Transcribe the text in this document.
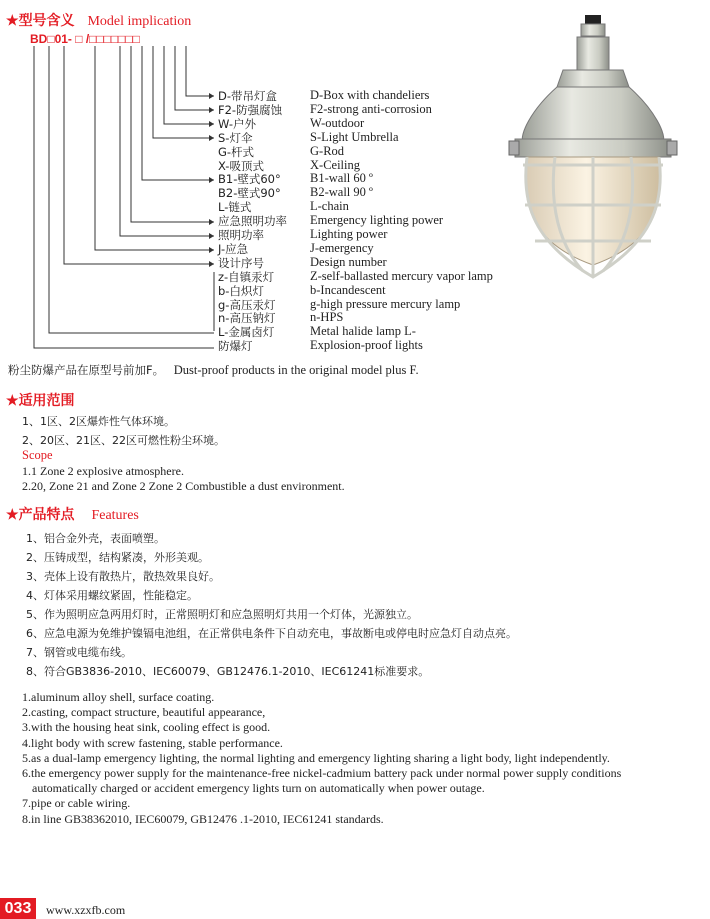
★型号含义 Model implication
BD□01- □ /□□□□□□□
D-带吊灯盒
F2-防强腐蚀
W-户外
S-灯伞
G-杆式
X-吸顶式
B1-壁式60°
B2-壁式90°
L-链式
应急照明功率
照明功率
J-应急
设计序号
z-自镇汞灯
b-白炽灯
g-高压汞灯
n-高压钠灯
L-金属卤灯
防爆灯
D-Box with chandeliers
F2-strong anti-corrosion
W-outdoor
S-Light Umbrella
G-Rod
X-Ceiling
B1-wall 60 º
B2-wall 90 º
L-chain
Emergency lighting power
Lighting power
J-emergency
Design number
Z-self-ballasted mercury vapor lamp
b-Incandescent
g-high pressure mercury lamp
n-HPS
Metal halide lamp L-
Explosion-proof lights
粉尘防爆产品在原型号前加F。 Dust-proof products in the original model plus F.
★适用范围
1、1区、2区爆炸性气体环境。
2、20区、21区、22区可燃性粉尘环境。
Scope
1.1 Zone 2 explosive atmosphere.
2.20, Zone 21 and Zone 2 Zone 2 Combustible a dust environment.
★产品特点 Features
1、铝合金外壳，表面喷塑。
2、压铸成型，结构紧凑，外形美观。
3、壳体上设有散热片，散热效果良好。
4、灯体采用螺纹紧固，性能稳定。
5、作为照明应急两用灯时，正常照明灯和应急照明灯共用一个灯体，光源独立。
6、应急电源为免维护镍镉电池组，在正常供电条件下自动充电，事故断电或停电时应急灯自动点亮。
7、钢管或电缆布线。
8、符合GB3836-2010、IEC60079、GB12476.1-2010、IEC61241标准要求。
1.aluminum alloy shell, surface coating.
2.casting, compact structure, beautiful appearance,
3.with the housing heat sink, cooling effect is good.
4.light body with screw fastening, stable performance.
5.as a dual-lamp emergency lighting, the normal lighting and emergency lighting sharing a light body, light independently.
6.the emergency power supply for the maintenance-free nickel-cadmium battery pack under normal power supply conditions
automatically charged or accident emergency lights turn on automatically when power outage.
7.pipe or cable wiring.
8.in line GB38362010, IEC60079, GB12476 .1-2010, IEC61241 standards.
033	www.xzxfb.com
